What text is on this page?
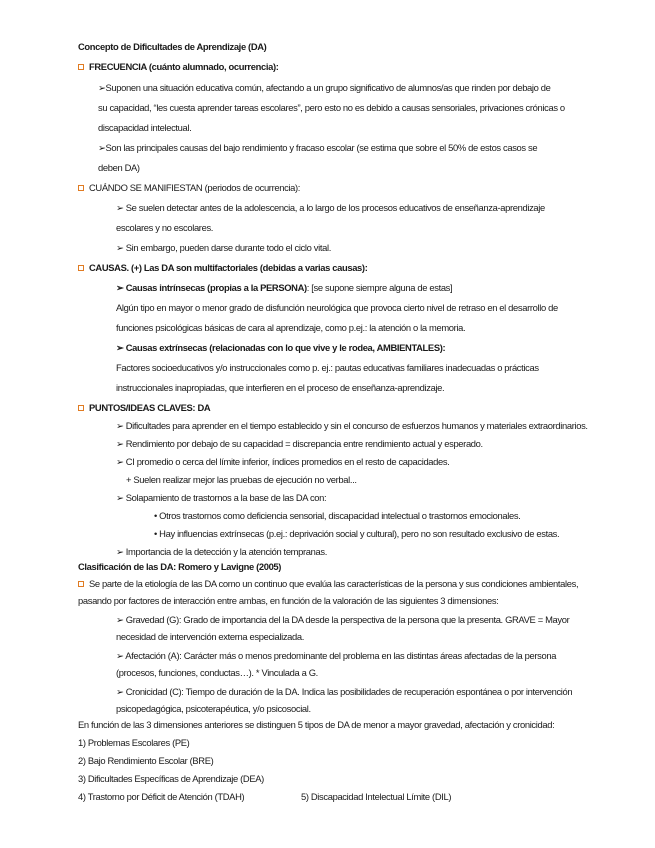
Concepto de Dificultades de Aprendizaje (DA)
FRECUENCIA (cuánto alumnado, ocurrencia):
➢Suponen una situación educativa común, afectando a un grupo significativo de alumnos/as que rinden por debajo de
su capacidad, “les cuesta aprender tareas escolares”, pero esto no es debido a causas sensoriales, privaciones crónicas o
discapacidad intelectual.
➢Son las principales causas del bajo rendimiento y fracaso escolar (se estima que sobre el 50% de estos casos se
deben DA)
CUÁNDO SE MANIFIESTAN (periodos de ocurrencia):
➢ Se suelen detectar antes de la adolescencia, a lo largo de los procesos educativos de enseñanza-aprendizaje
escolares y no escolares.
➢ Sin embargo, pueden darse durante todo el ciclo vital.
CAUSAS. (+) Las DA son multifactoriales (debidas a varias causas):
➢ Causas intrínsecas (propias a la PERSONA): [se supone siempre alguna de estas]
Algún tipo en mayor o menor grado de disfunción neurológica que provoca cierto nivel de retraso en el desarrollo de
funciones psicológicas básicas de cara al aprendizaje, como p.ej.: la atención o la memoria.
➢ Causas extrínsecas (relacionadas con lo que vive y le rodea, AMBIENTALES):
Factores socioeducativos y/o instruccionales como p. ej.: pautas educativas familiares inadecuadas o prácticas
instruccionales inapropiadas, que interfieren en el proceso de enseñanza-aprendizaje.
PUNTOS/IDEAS CLAVES: DA
➢ Dificultades para aprender en el tiempo establecido y sin el concurso de esfuerzos humanos y materiales extraordinarios.
➢ Rendimiento por debajo de su capacidad = discrepancia entre rendimiento actual y esperado.
➢ CI promedio o cerca del límite inferior, índices promedios en el resto de capacidades.
+ Suelen realizar mejor las pruebas de ejecución no verbal...
➢ Solapamiento de trastornos a la base de las DA con:
• Otros trastornos como deficiencia sensorial, discapacidad intelectual o trastornos emocionales.
• Hay influencias extrínsecas (p.ej.: deprivación social y cultural), pero no son resultado exclusivo de estas.
➢ Importancia de la detección y la atención tempranas.
Clasificación de las DA: Romero y Lavigne (2005)
Se parte de la etiología de las DA como un continuo que evalúa las características de la persona y sus condiciones ambientales,
pasando por factores de interacción entre ambas, en función de la valoración de las siguientes 3 dimensiones:
➢ Gravedad (G): Grado de importancia del la DA desde la perspectiva de la persona que la presenta. GRAVE = Mayor
necesidad de intervención externa especializada.
➢ Afectación (A): Carácter más o menos predominante del problema en las distintas áreas afectadas de la persona
(procesos, funciones, conductas…). * Vinculada a G.
➢ Cronicidad (C): Tiempo de duración de la DA. Indica las posibilidades de recuperación espontánea o por intervención
psicopedagógica, psicoterapéutica, y/o psicosocial.
En función de las 3 dimensiones anteriores se distinguen 5 tipos de DA de menor a mayor gravedad, afectación y cronicidad:
1) Problemas Escolares (PE)
2) Bajo Rendimiento Escolar (BRE)
3) Dificultades Específicas de Aprendizaje (DEA)
4) Trastorno por Déficit de Atención (TDAH)	5) Discapacidad Intelectual Límite (DIL)
